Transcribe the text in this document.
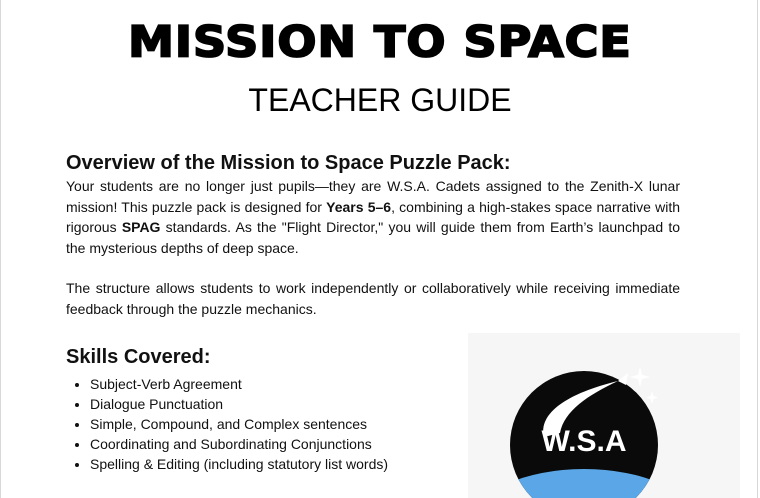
MISSION TO SPACE
TEACHER GUIDE
Overview of the Mission to Space Puzzle Pack:

Your students are no longer just pupils—they are W.S.A. Cadets assigned to the Zenith-X lunar mission! This puzzle pack is designed for Years 5–6, combining a high-stakes space narrative with rigorous SPAG standards. As the "Flight Director," you will guide them from Earth’s launchpad to the mysterious depths of deep space.

The structure allows students to work independently or collaboratively while receiving immediate feedback through the puzzle mechanics.

Skills Covered:
• Subject-Verb Agreement
• Dialogue Punctuation
• Simple, Compound, and Complex sentences
• Coordinating and Subordinating Conjunctions
• Spelling & Editing (including statutory list words)
W.S.A
